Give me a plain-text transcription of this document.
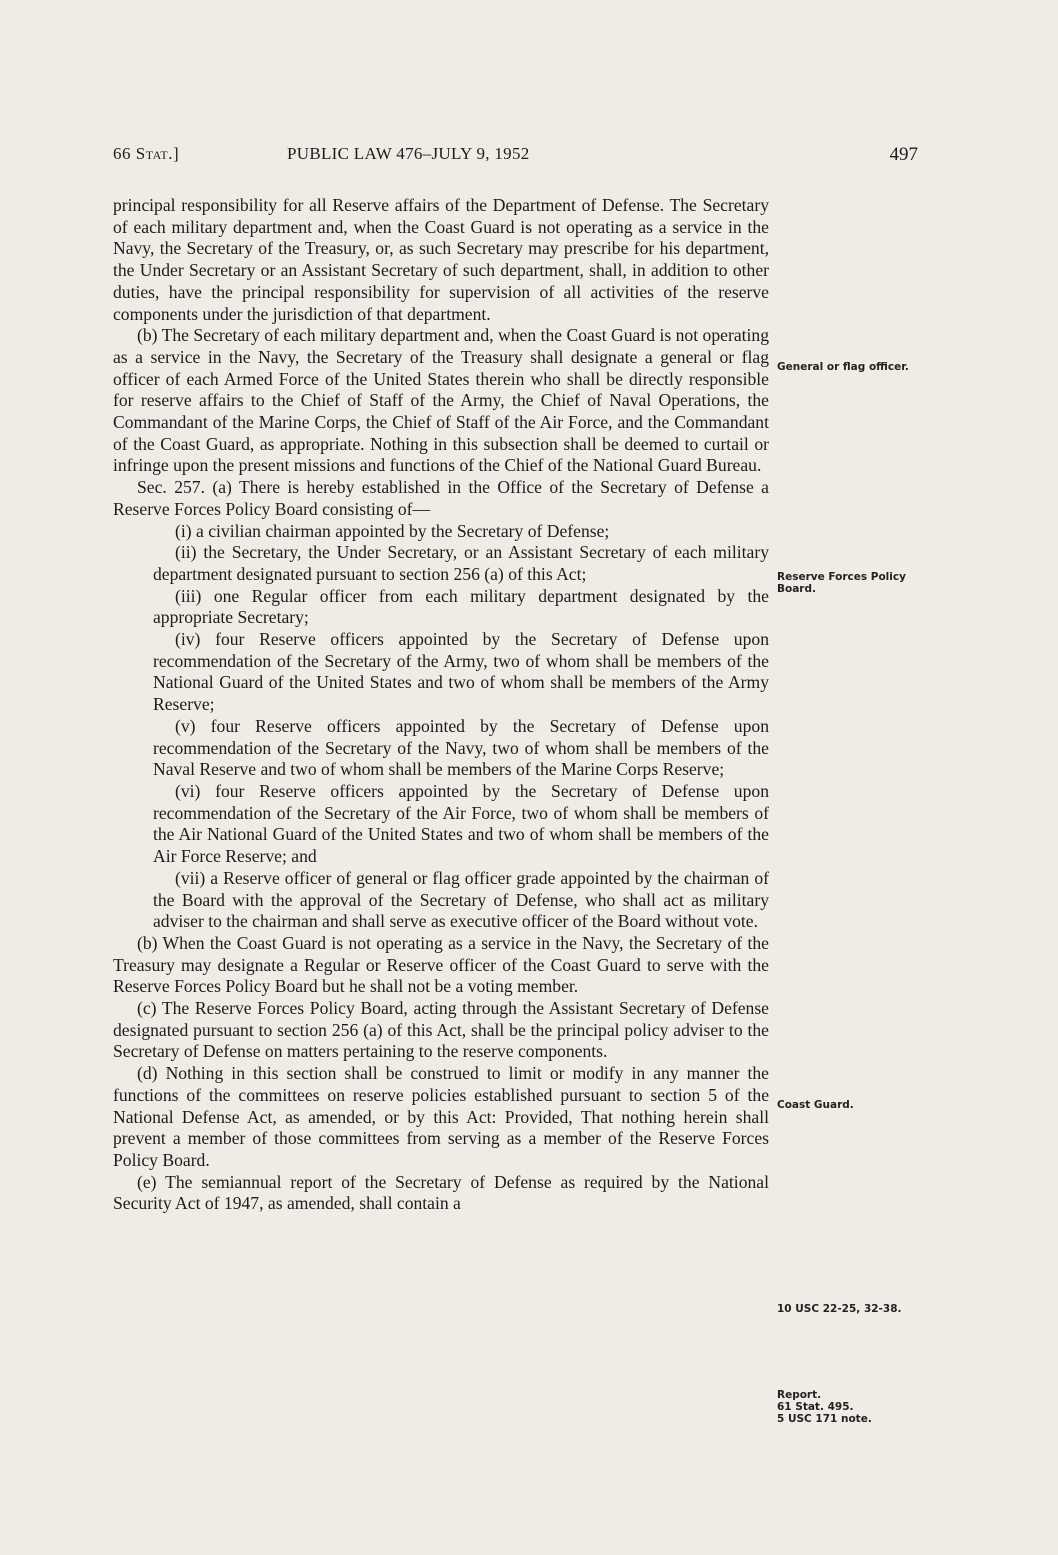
66 Stat.]	PUBLIC LAW 476–JULY 9, 1952	497

principal responsibility for all Reserve affairs of the Department of Defense. The Secretary of each military department and, when the Coast Guard is not operating as a service in the Navy, the Secretary of the Treasury, or, as such Secretary may prescribe for his department, the Under Secretary or an Assistant Secretary of such department, shall, in addition to other duties, have the principal responsibility for supervision of all activities of the reserve components under the jurisdiction of that department.

(b) The Secretary of each military department and, when the Coast Guard is not operating as a service in the Navy, the Secretary of the Treasury shall designate a general or flag officer of each Armed Force of the United States therein who shall be directly responsible for reserve affairs to the Chief of Staff of the Army, the Chief of Naval Operations, the Commandant of the Marine Corps, the Chief of Staff of the Air Force, and the Commandant of the Coast Guard, as appropriate. Nothing in this subsection shall be deemed to curtail or infringe upon the present missions and functions of the Chief of the National Guard Bureau.

Sec. 257. (a) There is hereby established in the Office of the Secretary of Defense a Reserve Forces Policy Board consisting of—

(i) a civilian chairman appointed by the Secretary of Defense;

(ii) the Secretary, the Under Secretary, or an Assistant Secretary of each military department designated pursuant to section 256 (a) of this Act;

(iii) one Regular officer from each military department designated by the appropriate Secretary;

(iv) four Reserve officers appointed by the Secretary of Defense upon recommendation of the Secretary of the Army, two of whom shall be members of the National Guard of the United States and two of whom shall be members of the Army Reserve;

(v) four Reserve officers appointed by the Secretary of Defense upon recommendation of the Secretary of the Navy, two of whom shall be members of the Naval Reserve and two of whom shall be members of the Marine Corps Reserve;

(vi) four Reserve officers appointed by the Secretary of Defense upon recommendation of the Secretary of the Air Force, two of whom shall be members of the Air National Guard of the United States and two of whom shall be members of the Air Force Reserve; and

(vii) a Reserve officer of general or flag officer grade appointed by the chairman of the Board with the approval of the Secretary of Defense, who shall act as military adviser to the chairman and shall serve as executive officer of the Board without vote.

(b) When the Coast Guard is not operating as a service in the Navy, the Secretary of the Treasury may designate a Regular or Reserve officer of the Coast Guard to serve with the Reserve Forces Policy Board but he shall not be a voting member.

(c) The Reserve Forces Policy Board, acting through the Assistant Secretary of Defense designated pursuant to section 256 (a) of this Act, shall be the principal policy adviser to the Secretary of Defense on matters pertaining to the reserve components.

(d) Nothing in this section shall be construed to limit or modify in any manner the functions of the committees on reserve policies established pursuant to section 5 of the National Defense Act, as amended, or by this Act: Provided, That nothing herein shall prevent a member of those committees from serving as a member of the Reserve Forces Policy Board.

(e) The semiannual report of the Secretary of Defense as required by the National Security Act of 1947, as amended, shall contain a

General or flag officer.
Reserve Forces Policy Board.
Coast Guard.
10 USC 22-25, 32-38.
Report.
61 Stat. 495.
5 USC 171 note.
